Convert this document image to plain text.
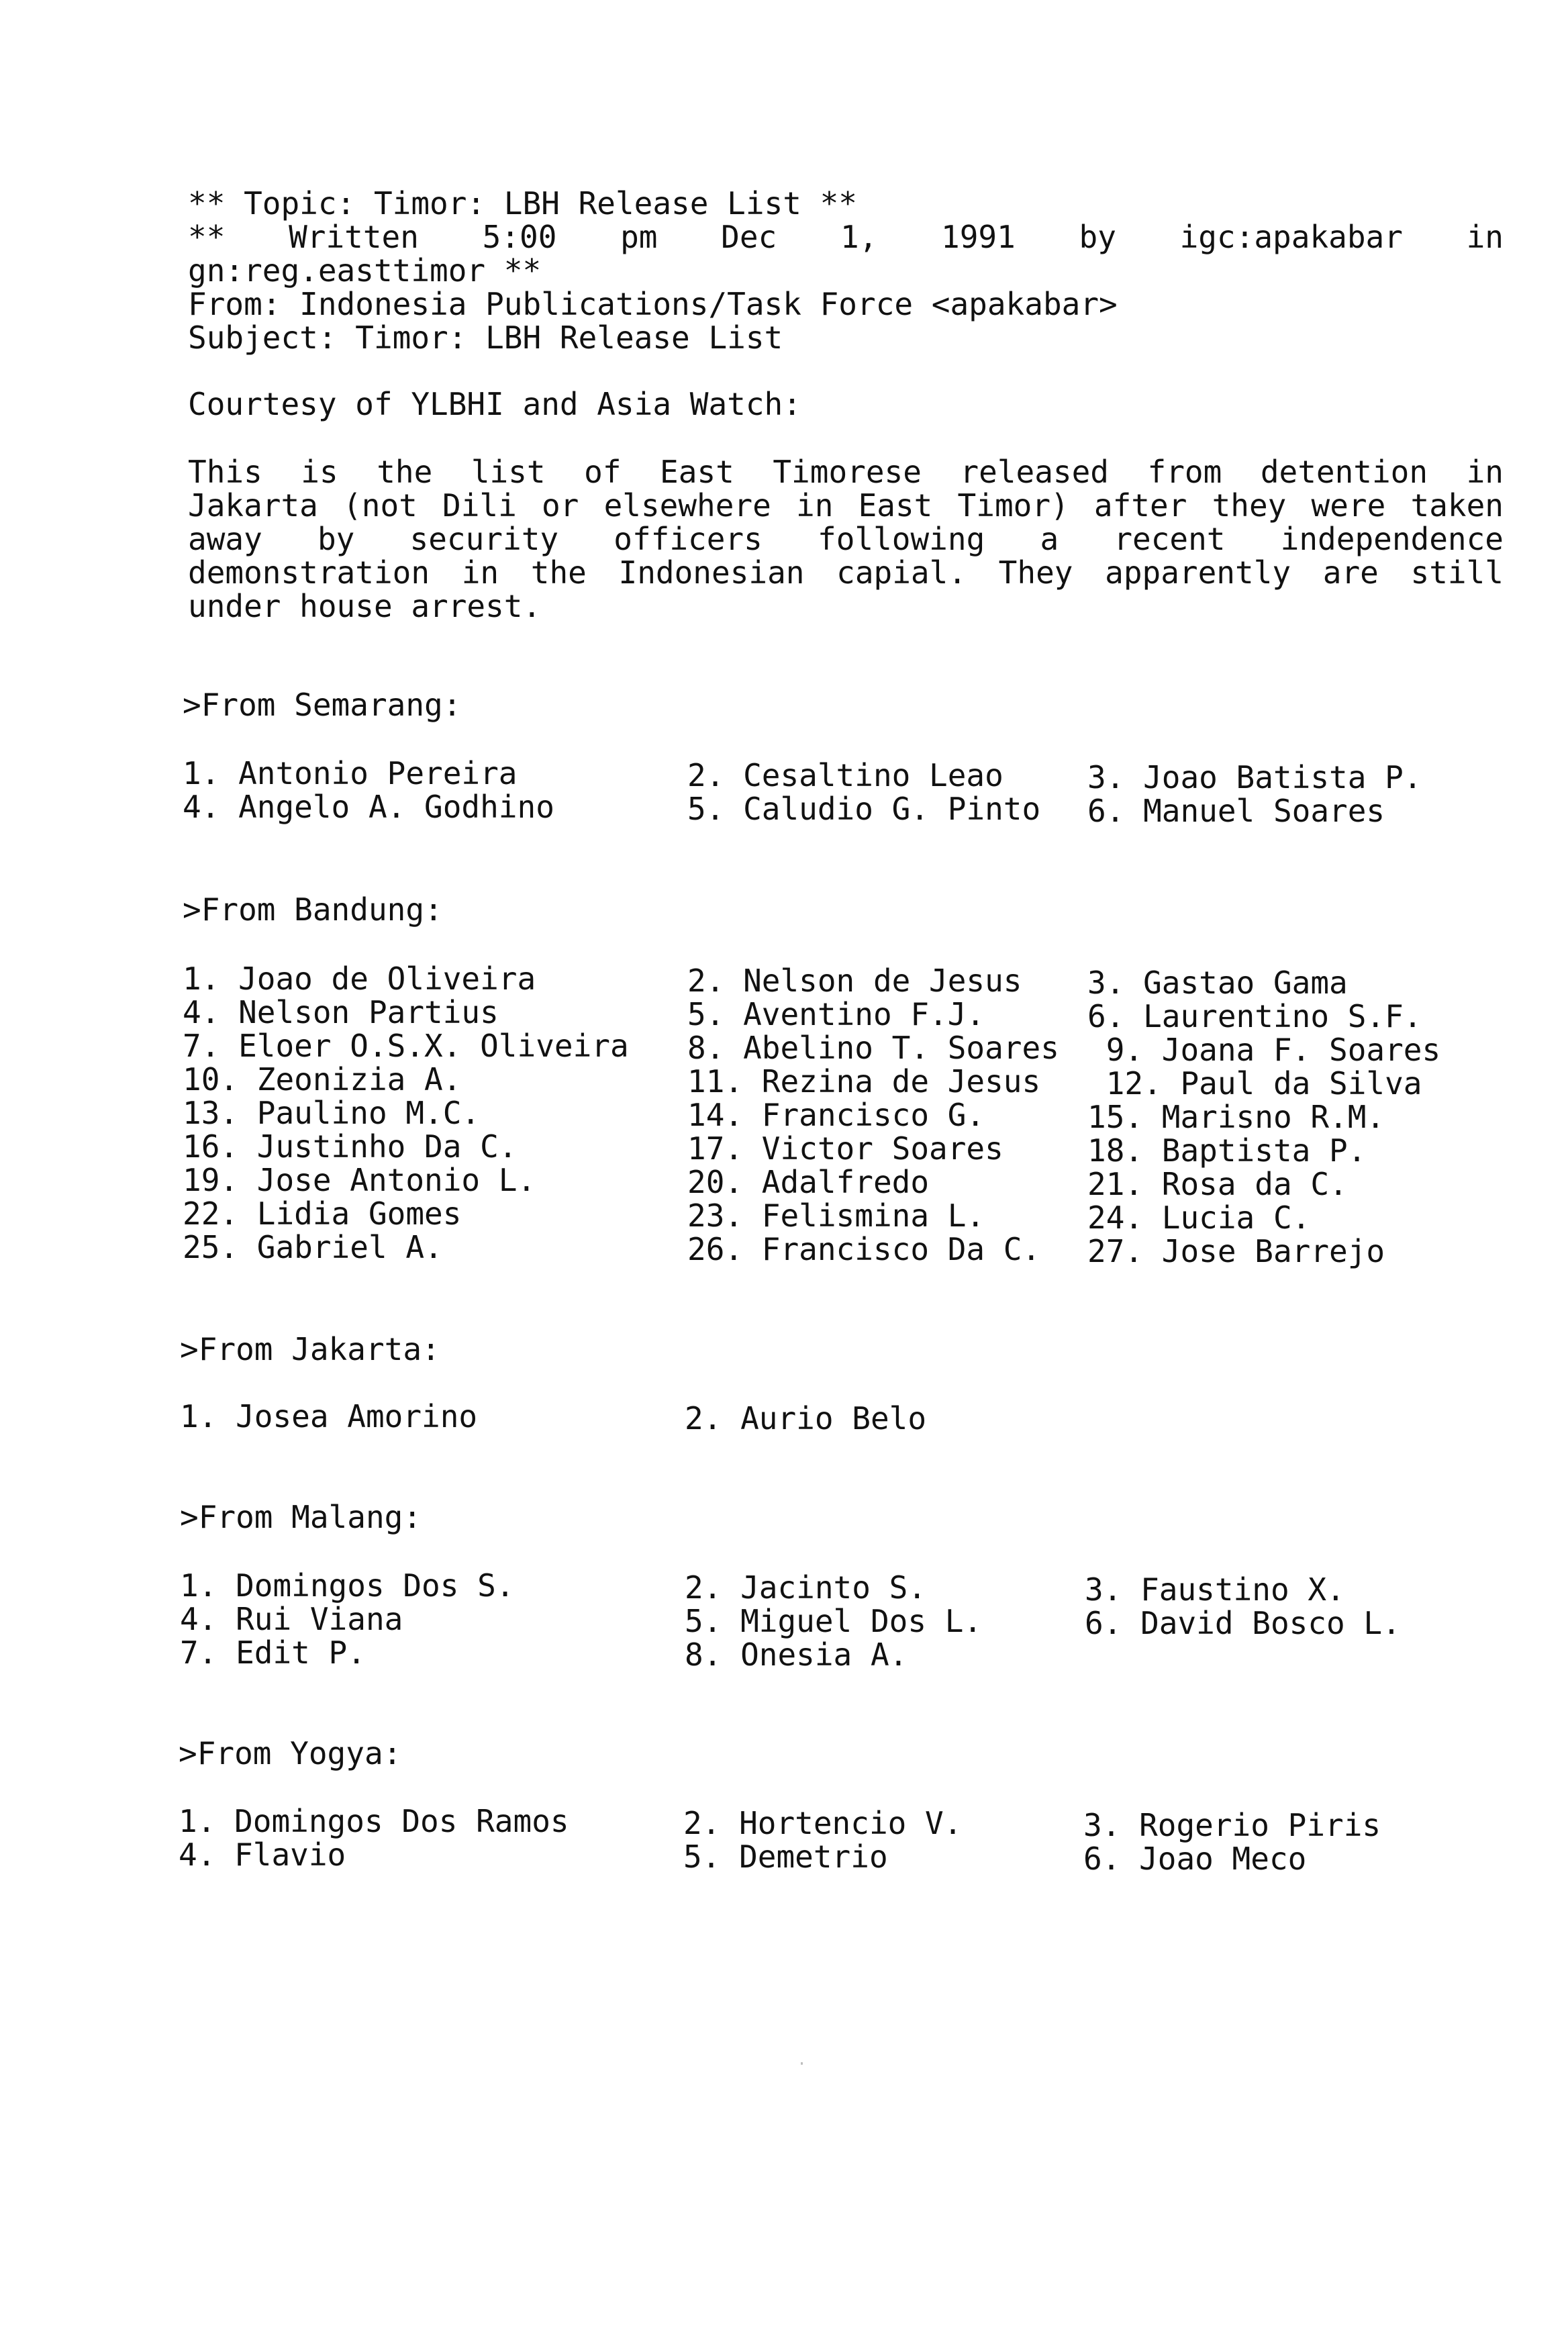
** Topic: Timor: LBH Release List **
** Written 5:00 pm Dec 1, 1991 by igc:apakabar in
gn:reg.easttimor **
From: Indonesia Publications/Task Force <apakabar>
Subject: Timor: LBH Release List
Courtesy of YLBHI and Asia Watch:
This is the list of East Timorese released from detention in
Jakarta (not Dili or elsewhere in East Timor) after they were taken
away by security officers following a recent independence
demonstration in the Indonesian capial. They apparently are still
under house arrest.
>From Semarang:
1. Antonio Pereira	2. Cesaltino Leao	3. Joao Batista P.
4. Angelo A. Godhino	5. Caludio G. Pinto 6. Manuel Soares
>From Bandung:
1. Joao de Oliveira	2. Nelson de Jesus 3. Gastao Gama
4. Nelson Partius	5. Aventino F.J.	6. Laurentino S.F.
7. Eloer O.S.X. Oliveira 8. Abelino T. Soares 9. Joana F. Soares
10. Zeonizia A.	11. Rezina de Jesus 12. Paul da Silva
13. Paulino M.C.	14. Francisco G.	15. Marisno R.M.
16. Justinho Da C.	17. Victor Soares	18. Baptista P.
19. Jose Antonio L.	20. Adalfredo	21. Rosa da C.
22. Lidia Gomes	23. Felismina L.	24. Lucia C.
25. Gabriel A.	26. Francisco Da C. 27. Jose Barrejo
>From Jakarta:
1. Josea Amorino	2. Aurio Belo
>From Malang:
1. Domingos Dos S.	2. Jacinto S.	3. Faustino X.
4. Rui Viana	5. Miguel Dos L.	6. David Bosco L.
7. Edit P.	8. Onesia A.
>From Yogya:
1. Domingos Dos Ramos	2. Hortencio V.	3. Rogerio Piris
4. Flavio	5. Demetrio	6. Joao Meco
